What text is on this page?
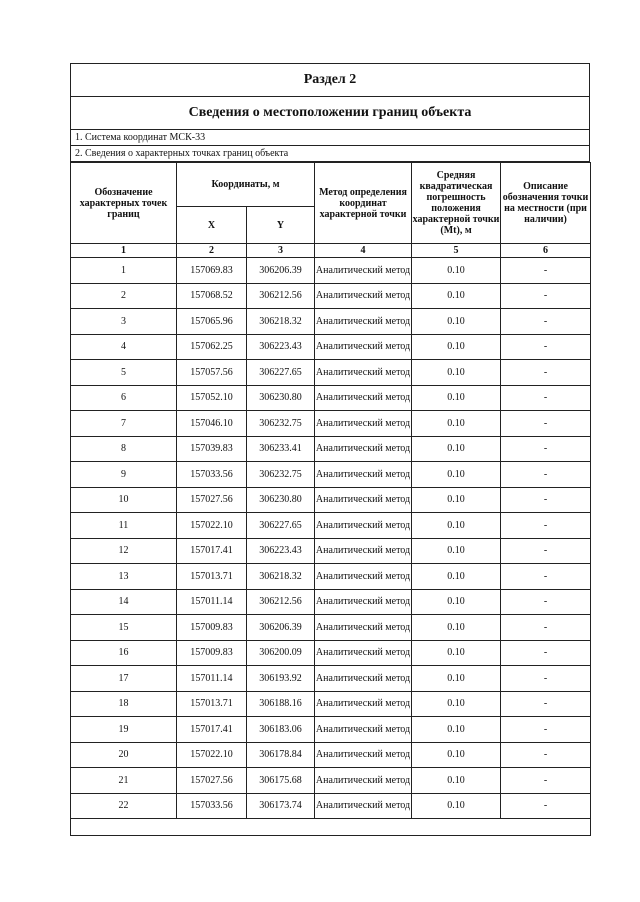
Раздел 2
Сведения о местоположении границ объекта
1. Система координат МСК-33
2. Сведения о характерных точках границ объекта
Обозначение характерных точек границ	Координаты, м		Метод определения координат характерной точки	Средняя квадратическая погрешность положения характерной точки (Mt), м	Описание обозначения точки на местности (при наличии)
	X	Y			
1	2	3	4	5	6
1	157069.83	306206.39	Аналитический метод	0.10	-
2	157068.52	306212.56	Аналитический метод	0.10	-
3	157065.96	306218.32	Аналитический метод	0.10	-
4	157062.25	306223.43	Аналитический метод	0.10	-
5	157057.56	306227.65	Аналитический метод	0.10	-
6	157052.10	306230.80	Аналитический метод	0.10	-
7	157046.10	306232.75	Аналитический метод	0.10	-
8	157039.83	306233.41	Аналитический метод	0.10	-
9	157033.56	306232.75	Аналитический метод	0.10	-
10	157027.56	306230.80	Аналитический метод	0.10	-
11	157022.10	306227.65	Аналитический метод	0.10	-
12	157017.41	306223.43	Аналитический метод	0.10	-
13	157013.71	306218.32	Аналитический метод	0.10	-
14	157011.14	306212.56	Аналитический метод	0.10	-
15	157009.83	306206.39	Аналитический метод	0.10	-
16	157009.83	306200.09	Аналитический метод	0.10	-
17	157011.14	306193.92	Аналитический метод	0.10	-
18	157013.71	306188.16	Аналитический метод	0.10	-
19	157017.41	306183.06	Аналитический метод	0.10	-
20	157022.10	306178.84	Аналитический метод	0.10	-
21	157027.56	306175.68	Аналитический метод	0.10	-
22	157033.56	306173.74	Аналитический метод	0.10	-
